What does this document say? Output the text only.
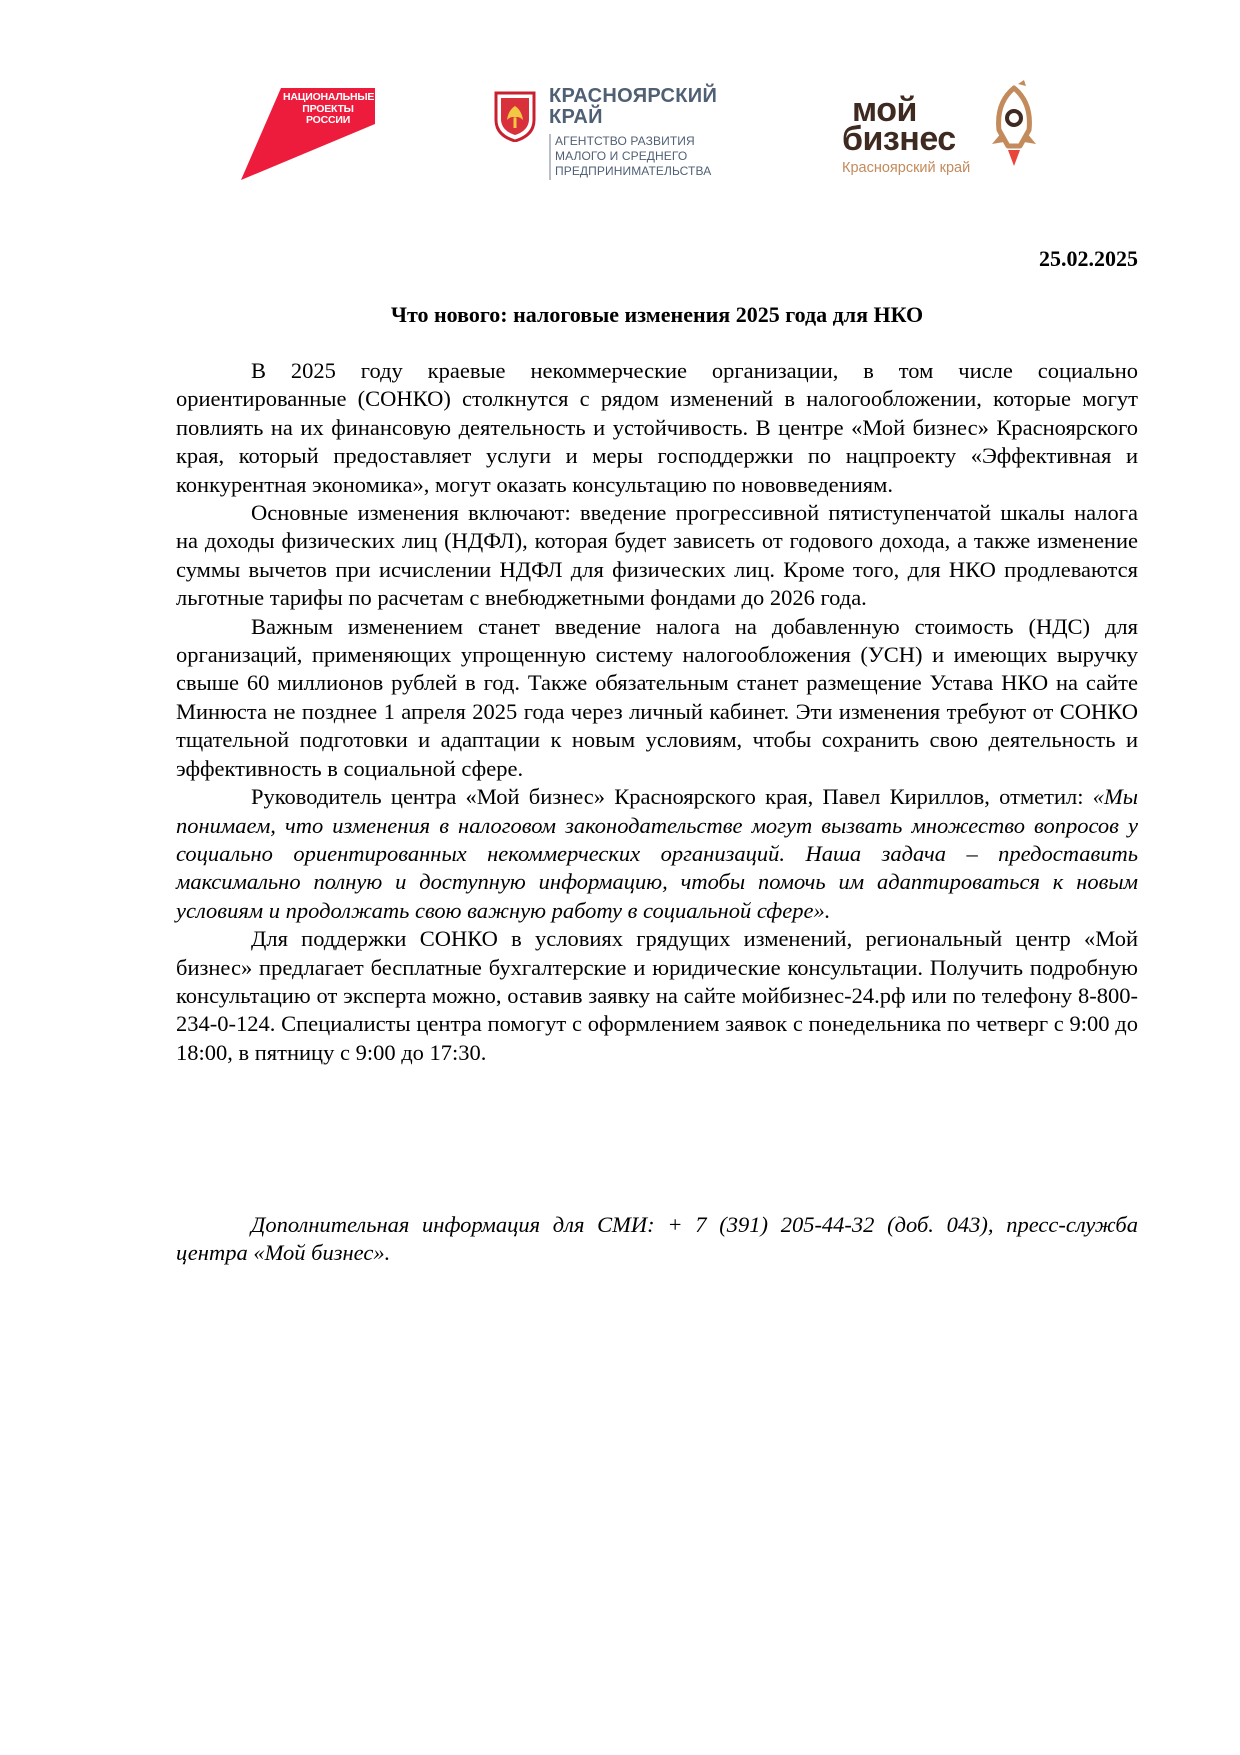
НАЦИОНАЛЬНЫЕ
ПРОЕКТЫ
РОССИИ
КРАСНОЯРСКИЙ
КРАЙ
АГЕНТСТВО РАЗВИТИЯ
МАЛОГО И СРЕДНЕГО
ПРЕДПРИНИМАТЕЛЬСТВА
мой
бизнес
Красноярский край
25.02.2025
Что нового: налоговые изменения 2025 года для НКО

В 2025 году краевые некоммерческие организации, в том числе социально ориентированные (СОНКО) столкнутся с рядом изменений в налогообложении, которые могут повлиять на их финансовую деятельность и устойчивость. В центре «Мой бизнес» Красноярского края, который предоставляет услуги и меры господдержки по нацпроекту «Эффективная и конкурентная экономика», могут оказать консультацию по нововведениям.

Основные изменения включают: введение прогрессивной пятиступенчатой шкалы налога на доходы физических лиц (НДФЛ), которая будет зависеть от годового дохода, а также изменение суммы вычетов при исчислении НДФЛ для физических лиц. Кроме того, для НКО продлеваются льготные тарифы по расчетам с внебюджетными фондами до 2026 года.

Важным изменением станет введение налога на добавленную стоимость (НДС) для организаций, применяющих упрощенную систему налогообложения (УСН) и имеющих выручку свыше 60 миллионов рублей в год. Также обязательным станет размещение Устава НКО на сайте Минюста не позднее 1 апреля 2025 года через личный кабинет. Эти изменения требуют от СОНКО тщательной подготовки и адаптации к новым условиям, чтобы сохранить свою деятельность и эффективность в социальной сфере.

Руководитель центра «Мой бизнес» Красноярского края, Павел Кириллов, отметил: «Мы понимаем, что изменения в налоговом законодательстве могут вызвать множество вопросов у социально ориентированных некоммерческих организаций. Наша задача – предоставить максимально полную и доступную информацию, чтобы помочь им адаптироваться к новым условиям и продолжать свою важную работу в социальной сфере».

Для поддержки СОНКО в условиях грядущих изменений, региональный центр «Мой бизнес» предлагает бесплатные бухгалтерские и юридические консультации. Получить подробную консультацию от эксперта можно, оставив заявку на сайте мойбизнес-24.рф или по телефону 8-800-234-0-124. Специалисты центра помогут с оформлением заявок с понедельника по четверг с 9:00 до 18:00, в пятницу с 9:00 до 17:30.

Дополнительная информация для СМИ: + 7 (391) 205-44-32 (доб. 043), пресс-служба центра «Мой бизнес».
